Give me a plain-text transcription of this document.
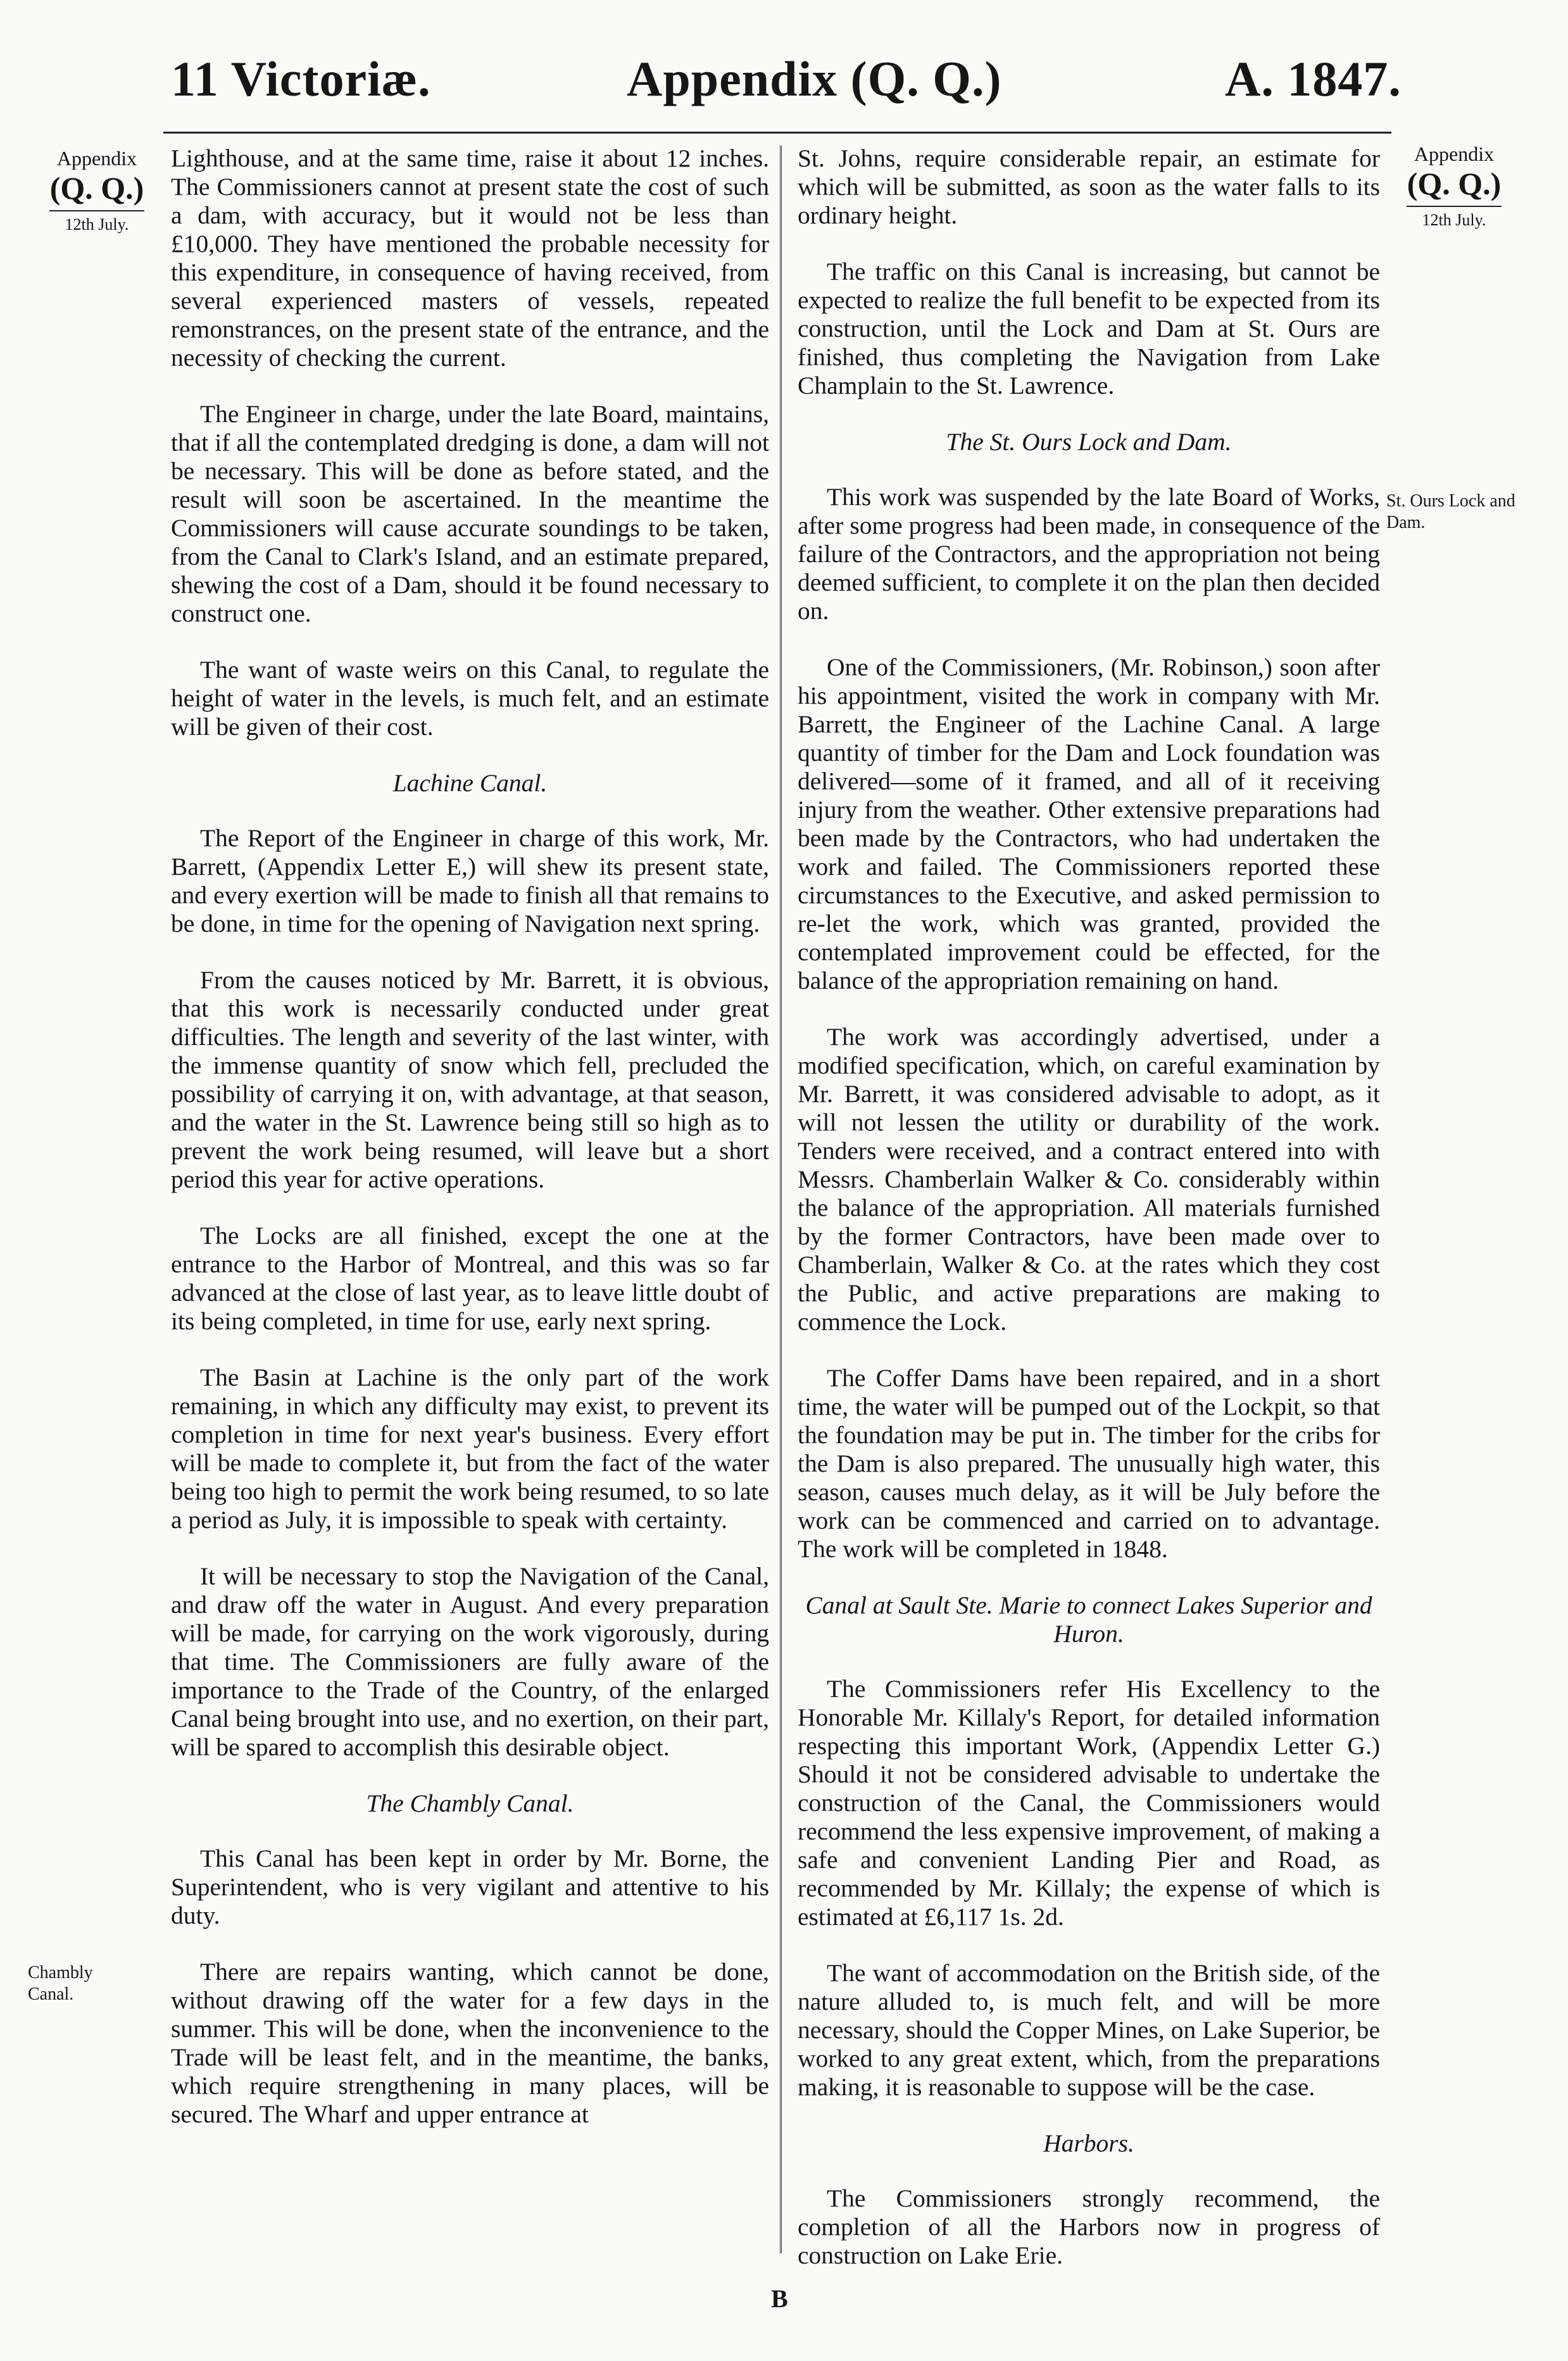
11 Victoriæ.	Appendix (Q. Q.)	A. 1847.
Appendix
(Q. Q.)
12th July.
Appendix
(Q. Q.)
12th July.
Chambly Canal.
St. Ours Lock and Dam.

Lighthouse, and at the same time, raise it about 12 inches. The Commissioners cannot at present state the cost of such a dam, with accuracy, but it would not be less than £10,000. They have mentioned the probable necessity for this expenditure, in consequence of having received, from several experienced masters of vessels, repeated remonstrances, on the present state of the entrance, and the necessity of checking the current.

The Engineer in charge, under the late Board, maintains, that if all the contemplated dredging is done, a dam will not be necessary. This will be done as before stated, and the result will soon be ascertained. In the meantime the Commissioners will cause accurate soundings to be taken, from the Canal to Clark's Island, and an estimate prepared, shewing the cost of a Dam, should it be found necessary to construct one.

The want of waste weirs on this Canal, to regulate the height of water in the levels, is much felt, and an estimate will be given of their cost.

Lachine Canal.

The Report of the Engineer in charge of this work, Mr. Barrett, (Appendix Letter E,) will shew its present state, and every exertion will be made to finish all that remains to be done, in time for the opening of Navigation next spring.

From the causes noticed by Mr. Barrett, it is obvious, that this work is necessarily conducted under great difficulties. The length and severity of the last winter, with the immense quantity of snow which fell, precluded the possibility of carrying it on, with advantage, at that season, and the water in the St. Lawrence being still so high as to prevent the work being resumed, will leave but a short period this year for active operations.

The Locks are all finished, except the one at the entrance to the Harbor of Montreal, and this was so far advanced at the close of last year, as to leave little doubt of its being completed, in time for use, early next spring.

The Basin at Lachine is the only part of the work remaining, in which any difficulty may exist, to prevent its completion in time for next year's business. Every effort will be made to complete it, but from the fact of the water being too high to permit the work being resumed, to so late a period as July, it is impossible to speak with certainty.

It will be necessary to stop the Navigation of the Canal, and draw off the water in August. And every preparation will be made, for carrying on the work vigorously, during that time. The Commissioners are fully aware of the importance to the Trade of the Country, of the enlarged Canal being brought into use, and no exertion, on their part, will be spared to accomplish this desirable object.

The Chambly Canal.

This Canal has been kept in order by Mr. Borne, the Superintendent, who is very vigilant and attentive to his duty.

There are repairs wanting, which cannot be done, without drawing off the water for a few days in the summer. This will be done, when the inconvenience to the Trade will be least felt, and in the meantime, the banks, which require strengthening in many places, will be secured. The Wharf and upper entrance at

St. Johns, require considerable repair, an estimate for which will be submitted, as soon as the water falls to its ordinary height.

The traffic on this Canal is increasing, but cannot be expected to realize the full benefit to be expected from its construction, until the Lock and Dam at St. Ours are finished, thus completing the Navigation from Lake Champlain to the St. Lawrence.

The St. Ours Lock and Dam.

This work was suspended by the late Board of Works, after some progress had been made, in consequence of the failure of the Contractors, and the appropriation not being deemed sufficient, to complete it on the plan then decided on.

One of the Commissioners, (Mr. Robinson,) soon after his appointment, visited the work in company with Mr. Barrett, the Engineer of the Lachine Canal. A large quantity of timber for the Dam and Lock foundation was delivered—some of it framed, and all of it receiving injury from the weather. Other extensive preparations had been made by the Contractors, who had undertaken the work and failed. The Commissioners reported these circumstances to the Executive, and asked permission to re-let the work, which was granted, provided the contemplated improvement could be effected, for the balance of the appropriation remaining on hand.

The work was accordingly advertised, under a modified specification, which, on careful examination by Mr. Barrett, it was considered advisable to adopt, as it will not lessen the utility or durability of the work. Tenders were received, and a contract entered into with Messrs. Chamberlain Walker & Co. considerably within the balance of the appropriation. All materials furnished by the former Contractors, have been made over to Chamberlain, Walker & Co. at the rates which they cost the Public, and active preparations are making to commence the Lock.

The Coffer Dams have been repaired, and in a short time, the water will be pumped out of the Lockpit, so that the foundation may be put in. The timber for the cribs for the Dam is also prepared. The unusually high water, this season, causes much delay, as it will be July before the work can be commenced and carried on to advantage. The work will be completed in 1848.

Canal at Sault Ste. Marie to connect Lakes Superior and Huron.

The Commissioners refer His Excellency to the Honorable Mr. Killaly's Report, for detailed information respecting this important Work, (Appendix Letter G.) Should it not be considered advisable to undertake the construction of the Canal, the Commissioners would recommend the less expensive improvement, of making a safe and convenient Landing Pier and Road, as recommended by Mr. Killaly; the expense of which is estimated at £6,117 1s. 2d.

The want of accommodation on the British side, of the nature alluded to, is much felt, and will be more necessary, should the Copper Mines, on Lake Superior, be worked to any great extent, which, from the preparations making, it is reasonable to suppose will be the case.

Harbors.

The Commissioners strongly recommend, the completion of all the Harbors now in progress of construction on Lake Erie.

B
